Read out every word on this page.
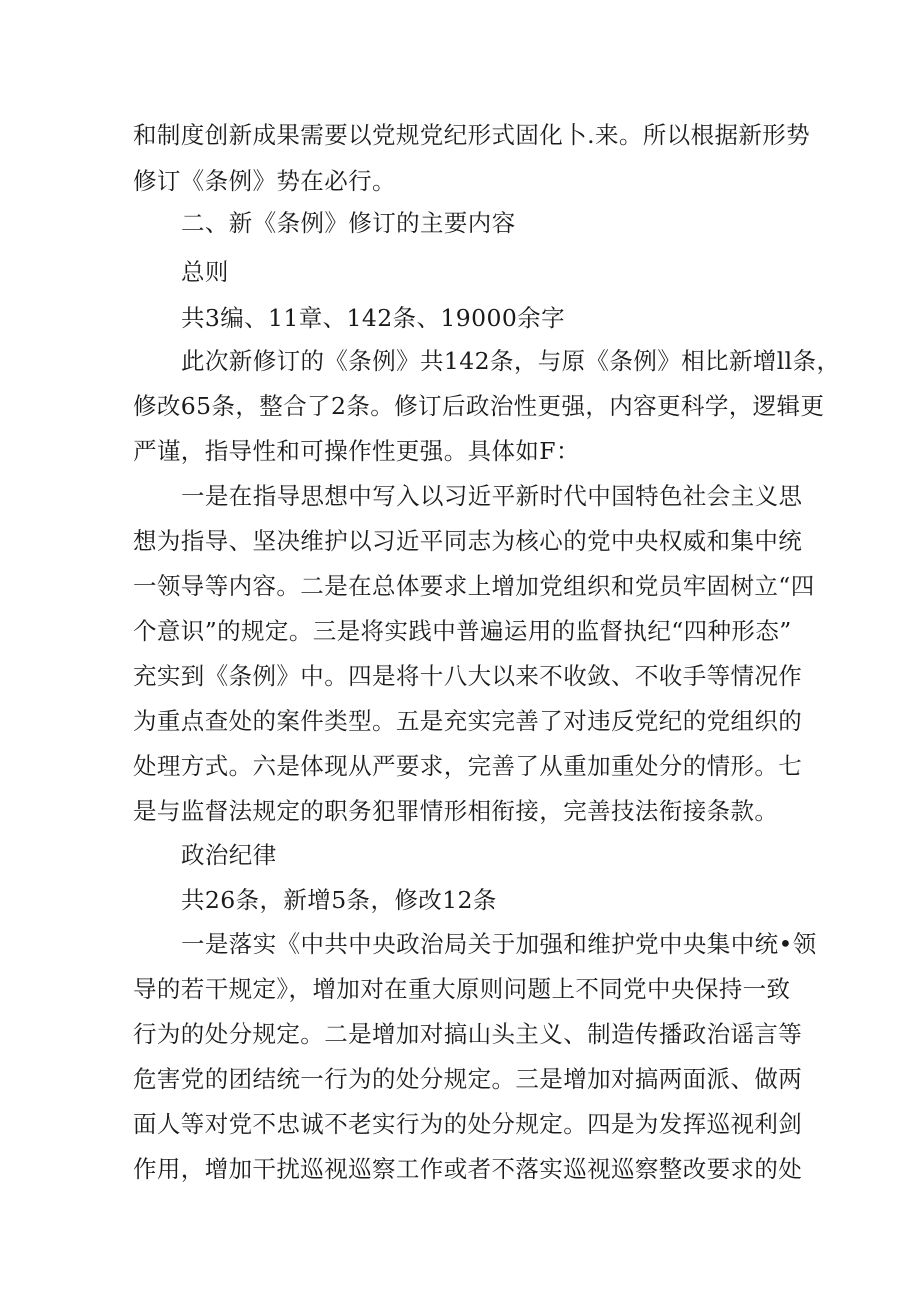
和制度创新成果需要以党规党纪形式固化卜.来。所以根据新形势
修订《条例》势在必行。
二、新《条例》修订的主要内容
总则
共3编、11章、142条、19000余字
此次新修订的《条例》共142条，与原《条例》相比新增ll条，
修改65条，整合了2条。修订后政治性更强，内容更科学，逻辑更
严谨，指导性和可操作性更强。具体如F：
一是在指导思想中写入以习近平新时代中国特色社会主义思
想为指导、坚决维护以习近平同志为核心的党中央权威和集中统
一领导等内容。二是在总体要求上增加党组织和党员牢固树立“四
个意识”的规定。三是将实践中普遍运用的监督执纪“四种形态”
充实到《条例》中。四是将十八大以来不收敛、不收手等情况作
为重点查处的案件类型。五是充实完善了对违反党纪的党组织的
处理方式。六是体现从严要求，完善了从重加重处分的情形。七
是与监督法规定的职务犯罪情形相衔接，完善技法衔接条款。
政治纪律
共26条，新增5条，修改12条
一是落实《中共中央政治局关于加强和维护党中央集中统•领
导的若干规定》，增加对在重大原则问题上不同党中央保持一致
行为的处分规定。二是增加对搞山头主义、制造传播政治谣言等
危害党的团结统一行为的处分规定。三是增加对搞两面派、做两
面人等对党不忠诚不老实行为的处分规定。四是为发挥巡视利剑
作用，增加干扰巡视巡察工作或者不落实巡视巡察整改要求的处
